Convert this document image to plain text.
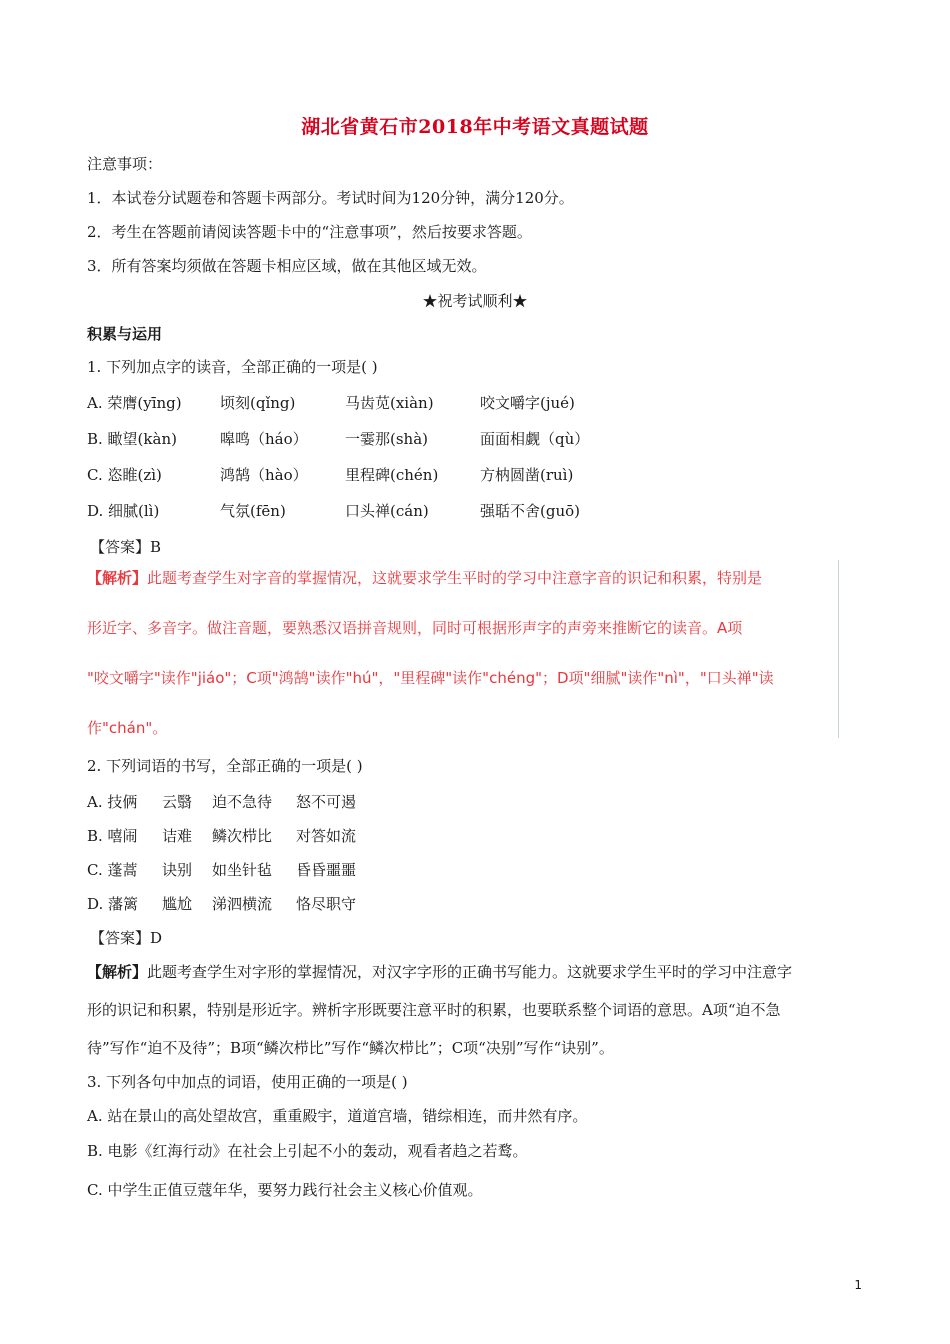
湖北省黄石市2018年中考语文真题试题
注意事项：
1．本试卷分试题卷和答题卡两部分。考试时间为120分钟，满分120分。
2．考生在答题前请阅读答题卡中的“注意事项”，然后按要求答题。
3．所有答案均须做在答题卡相应区域，做在其他区域无效。
★祝考试顺利★
积累与运用
1. 下列加点字的读音，全部正确的一项是( )
A. 荣膺(yīng)	顷刻(qǐng)	马齿苋(xiàn)	咬文嚼字(jué)
B. 瞰望(kàn)	嗥鸣（háo） 一霎那(shà)	面面相觑（qù）
C. 恣睢(zì)	鸿鹄（hào） 里程碑(chén)	方枘圆凿(ruì)
D. 细腻(lì)	气氛(fēn)	口头禅(cán)	强聒不舍(guō)
【答案】B
【解析】此题考查学生对字音的掌握情况，这就要求学生平时的学习中注意字音的识记和积累，特别是
形近字、多音字。做注音题，要熟悉汉语拼音规则，同时可根据形声字的声旁来推断它的读音。A项
"咬文嚼字"读作"jiáo"；C项"鸿鹄"读作"hú"，"里程碑"读作"chéng"；D项"细腻"读作"nì"，"口头禅"读
作"chán"。
2. 下列词语的书写，全部正确的一项是( )
A. 技俩 云翳 迫不急待 怒不可遏
B. 嘻闹 诘难 鳞次栉比 对答如流
C. 蓬蒿 诀别 如坐针毡 昏昏噩噩
D. 藩篱 尴尬 涕泗横流 恪尽职守
【答案】D
【解析】此题考查学生对字形的掌握情况，对汉字字形的正确书写能力。这就要求学生平时的学习中注意字
形的识记和积累，特别是形近字。辨析字形既要注意平时的积累，也要联系整个词语的意思。A项“迫不急
待”写作“迫不及待”；B项“鳞次栉比”写作“鳞次栉比”；C项“决别”写作“诀别”。
3. 下列各句中加点的词语，使用正确的一项是( )
A. 站在景山的高处望故宫，重重殿宇，道道宫墙，错综相连，而井然有序。
B. 电影《红海行动》在社会上引起不小的轰动，观看者趋之若鹜。
C. 中学生正值豆蔻年华，要努力践行社会主义核心价值观。
1
